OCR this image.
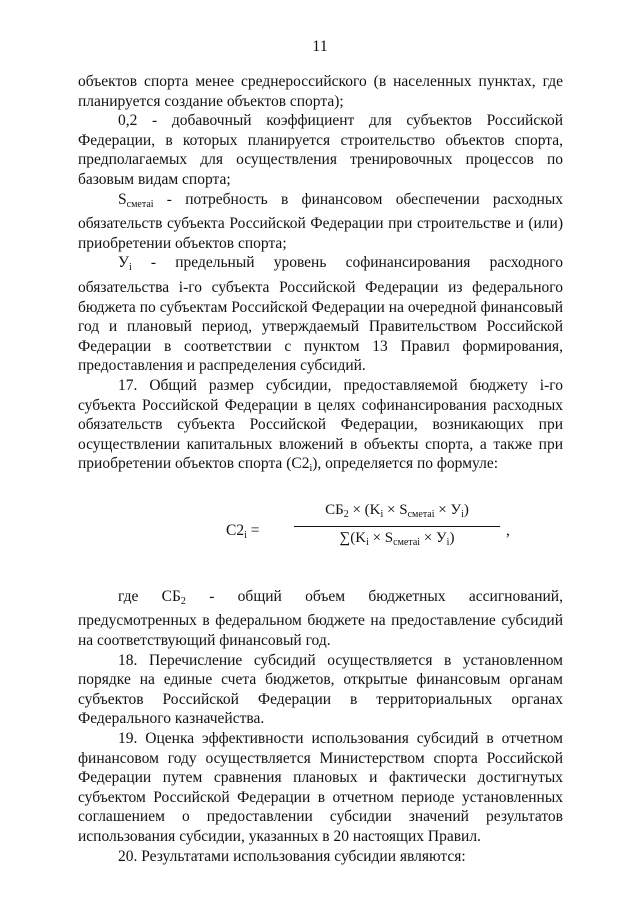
11

объектов спорта менее среднероссийского (в населенных пунктах, где планируется создание объектов спорта);

0,2 - добавочный коэффициент для субъектов Российской Федерации, в которых планируется строительство объектов спорта, предполагаемых для осуществления тренировочных процессов по базовым видам спорта;

$S_{сметаi}$ - потребность в финансовом обеспечении расходных обязательств субъекта Российской Федерации при строительстве и (или) приобретении объектов спорта;

$У_i$ - предельный уровень софинансирования расходного обязательства i-го субъекта Российской Федерации из федерального бюджета по субъектам Российской Федерации на очередной финансовый год и плановый период, утверждаемый Правительством Российской Федерации в соответствии с пунктом 13 Правил формирования, предоставления и распределения субсидий.

17. Общий размер субсидии, предоставляемой бюджету i-го субъекта Российской Федерации в целях софинансирования расходных обязательств субъекта Российской Федерации, возникающих при осуществлении капитальных вложений в объекты спорта, а также при приобретении объектов спорта $(С2_i)$, определяется по формуле:

$С2_i$ =
$СБ_2 \times (K_i \times S_{сметаi} \times У_i)$
$\sum(K_i \times S_{сметаi} \times У_i)$	,

где $СБ_2$ - общий объем бюджетных ассигнований, предусмотренных в федеральном бюджете на предоставление субсидий на соответствующий финансовый год.

18. Перечисление субсидий осуществляется в установленном порядке на единые счета бюджетов, открытые финансовым органам субъектов Российской Федерации в территориальных органах Федерального казначейства.

19. Оценка эффективности использования субсидий в отчетном финансовом году осуществляется Министерством спорта Российской Федерации путем сравнения плановых и фактически достигнутых субъектом Российской Федерации в отчетном периоде установленных соглашением о предоставлении субсидии значений результатов использования субсидии, указанных в 20 настоящих Правил.

20. Результатами использования субсидии являются:
